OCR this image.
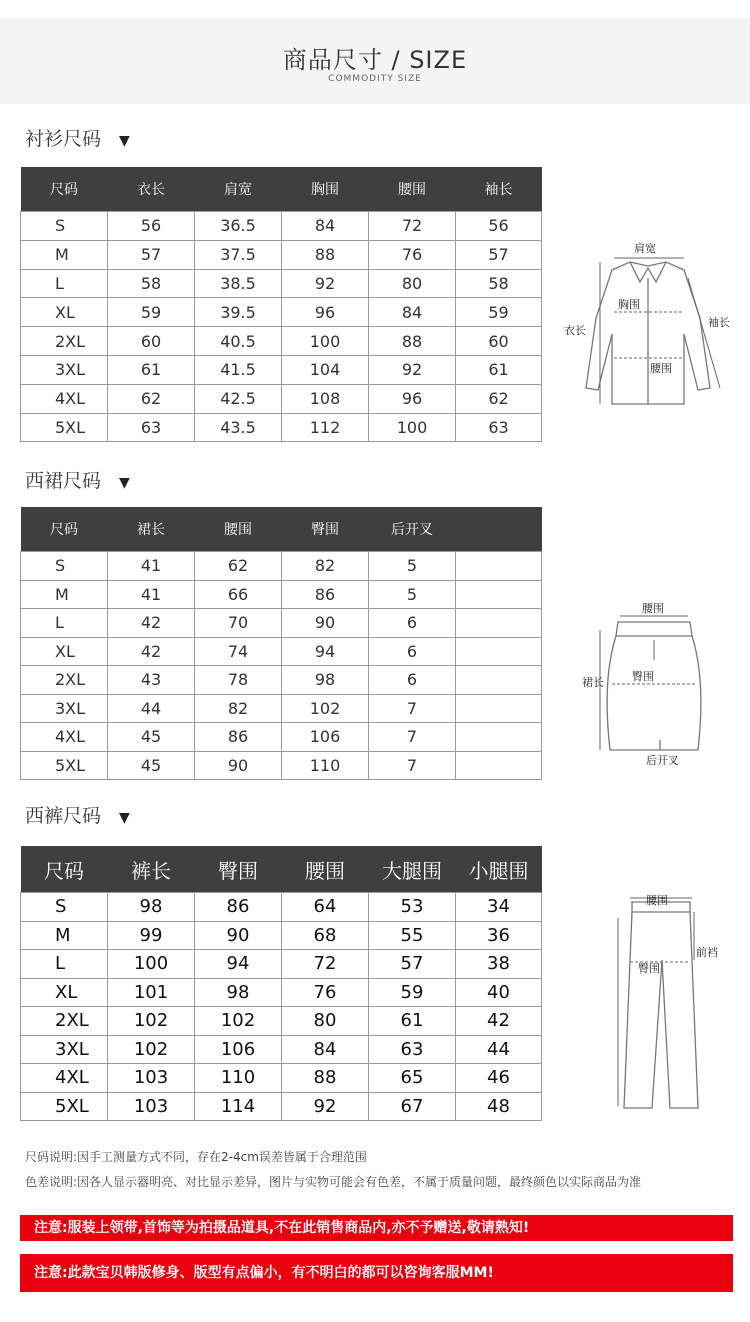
商品尺寸 / SIZE
COMMODITY SIZE
衬衫尺码 ▼
尺码	衣长	肩宽	胸围	腰围	袖长
S	56	36.5	84	72	56
M	57	37.5	88	76	57
L	58	38.5	92	80	58
XL	59	39.5	96	84	59
2XL	60	40.5	100	88	60
3XL	61	41.5	104	92	61
4XL	62	42.5	108	96	62
5XL	63	43.5	112	100	63
肩宽
胸围
衣长
袖长
腰围
西裙尺码 ▼
尺码	裙长	腰围	臀围	后开叉	
S	41	62	82	5	
M	41	66	86	5	
L	42	70	90	6	
XL	42	74	94	6	
2XL	43	78	98	6	
3XL	44	82	102	7	
4XL	45	86	106	7	
5XL	45	90	110	7	
腰围
裙长	臀围
后开叉
西裤尺码 ▼
尺码	裤长	臀围	腰围	大腿围	小腿围
S	98	86	64	53	34
M	99	90	68	55	36
L	100	94	72	57	38
XL	101	98	76	59	40
2XL	102	102	80	61	42
3XL	102	106	84	63	44
4XL	103	110	88	65	46
5XL	103	114	92	67	48
腰围
臀围
前裆
尺码说明:因手工测量方式不同，存在2-4cm误差皆属于合理范围
色差说明:因各人显示器明亮、对比显示差异，图片与实物可能会有色差，不属于质量问题，最终颜色以实际商品为准
注意:服装上领带,首饰等为拍摄品道具,不在此销售商品内,亦不予赠送,敬请熟知!
注意:此款宝贝韩版修身、版型有点偏小，有不明白的都可以咨询客服MM!
